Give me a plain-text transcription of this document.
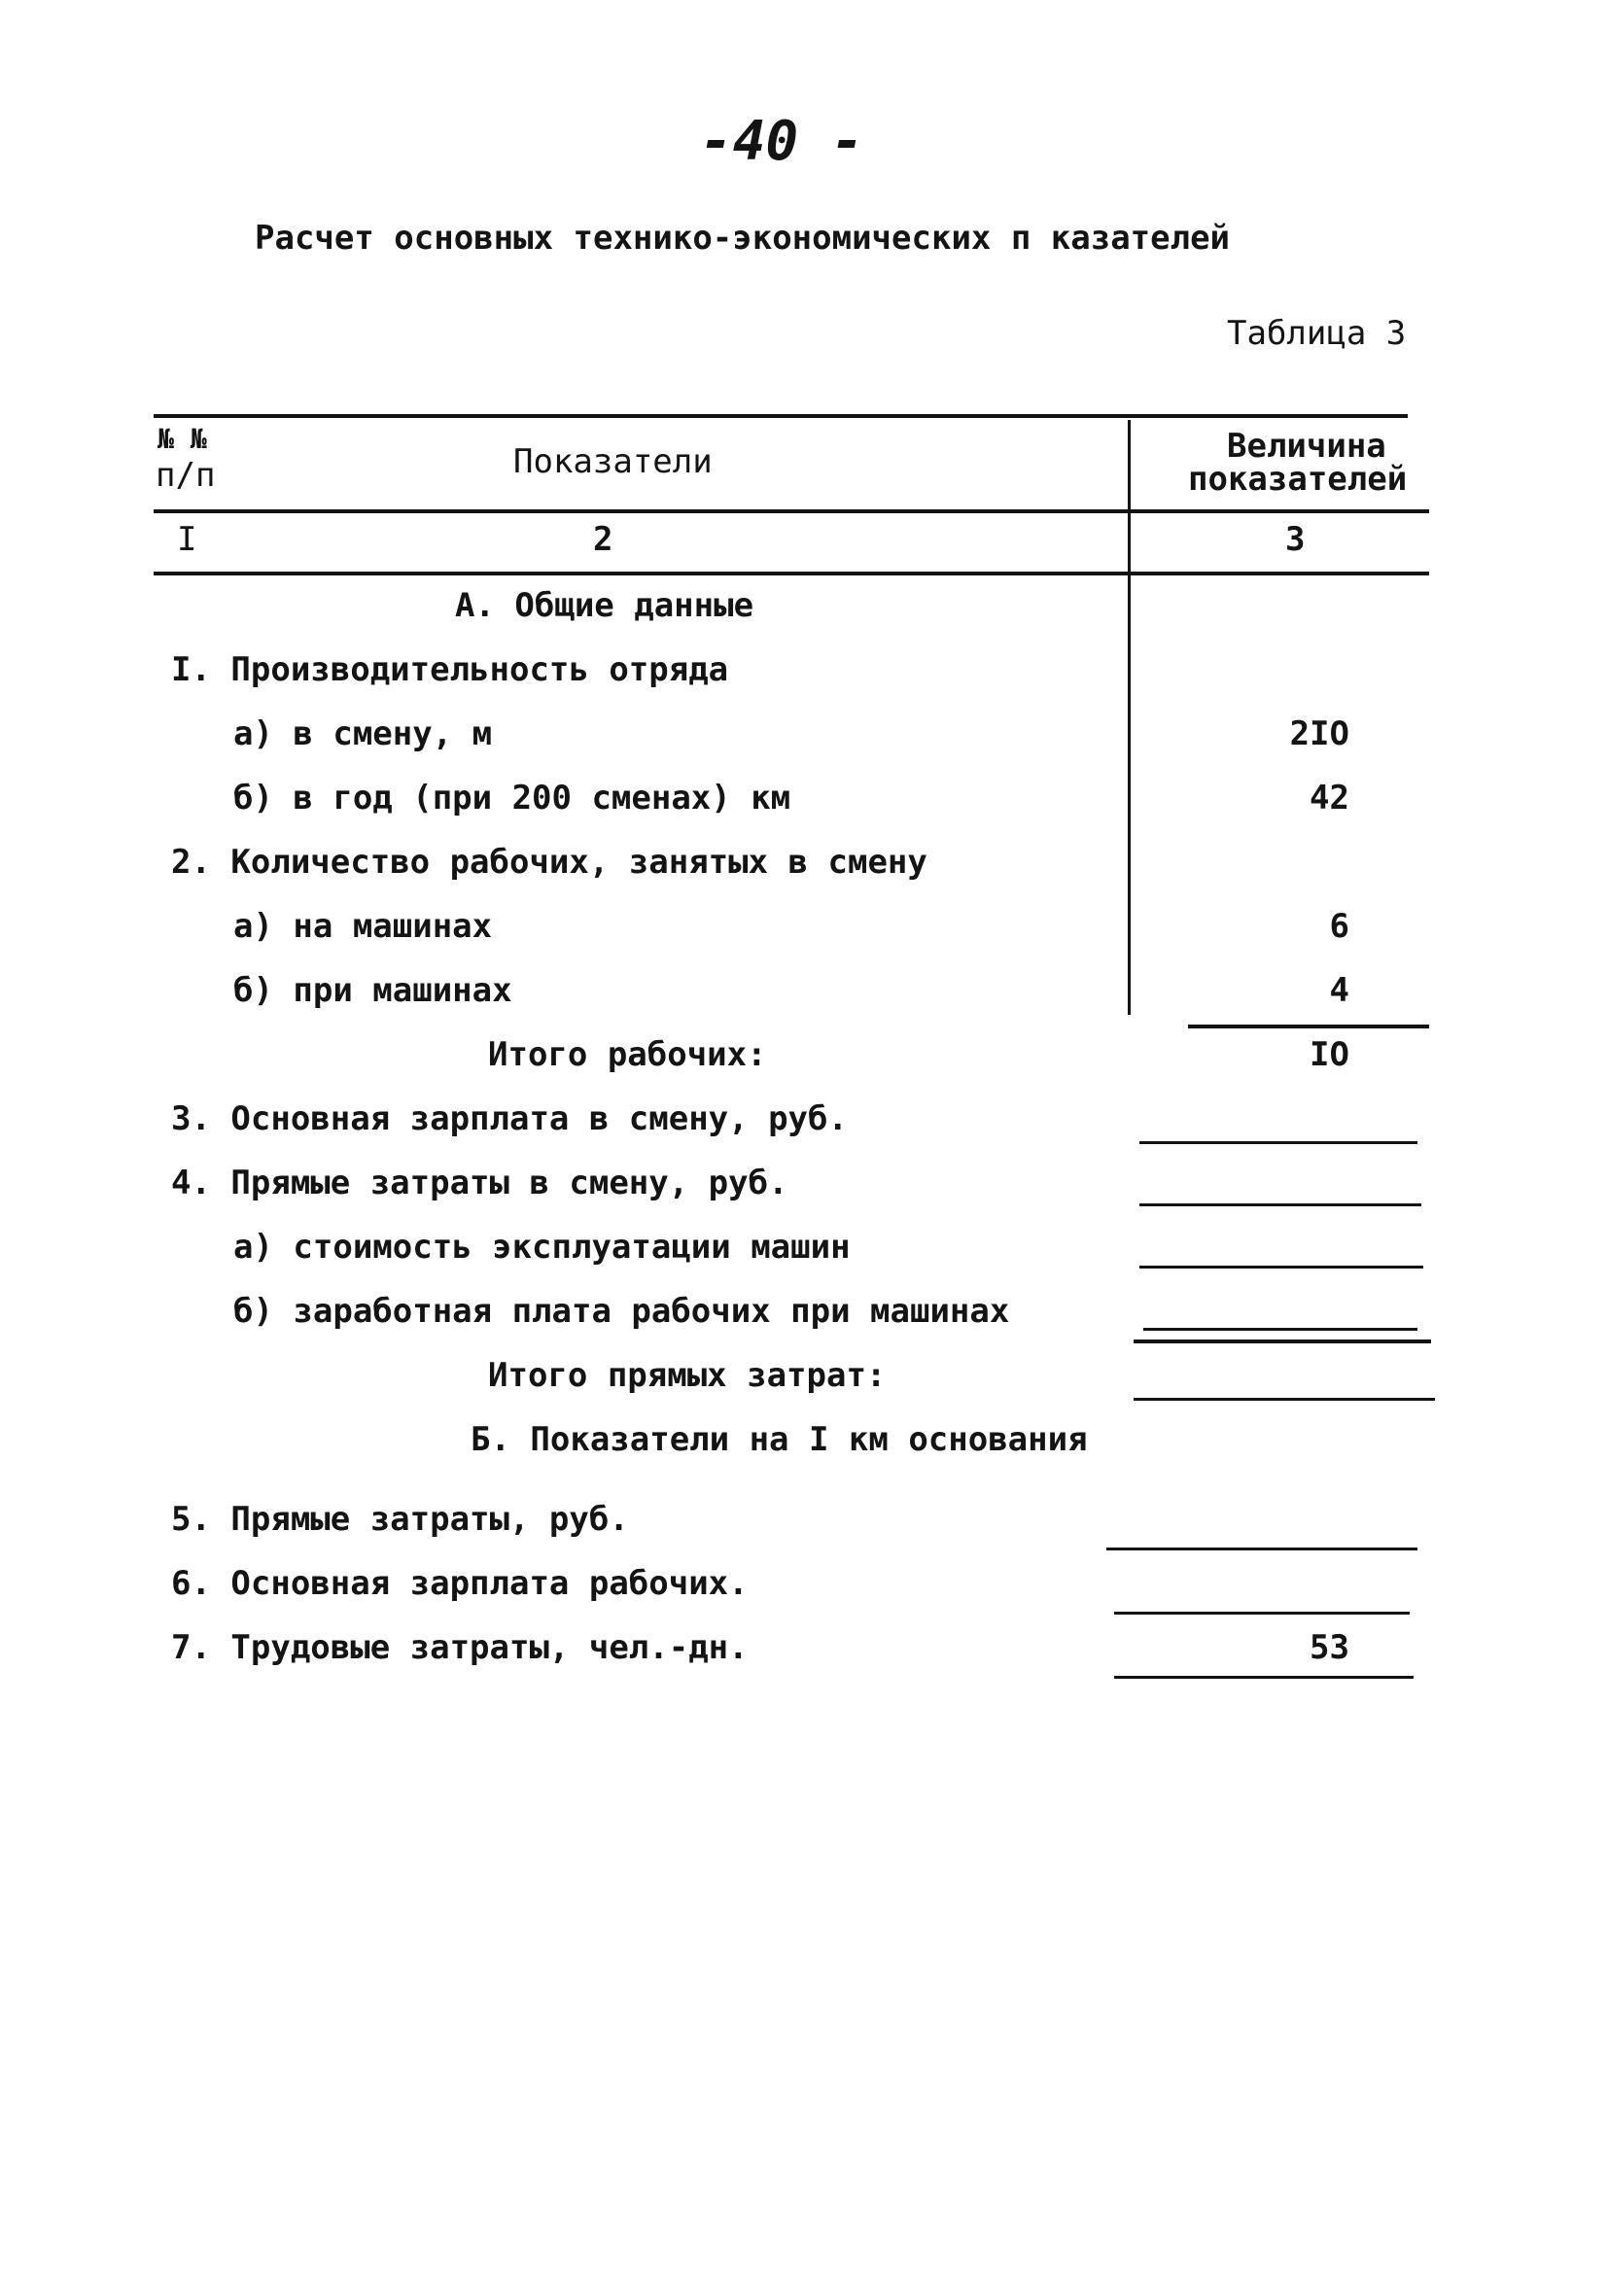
-40 -
Расчет основных технико-экономических п казателей
Таблица 3
№ №
п/п	Показатели	Величина
показателей
I	2	3
А. Общие данные
I. Производительность отряда
а) в смену, м	2IO
б) в год (при 200 сменах) км	42
2. Количество рабочих, занятых в смену
а) на машинах	6
б) при машинах	4
Итого рабочих:	IO
3. Основная зарплата в смену, руб.
4. Прямые затраты в смену, руб.
а) стоимость эксплуатации машин
б) заработная плата рабочих при машинах
Итого прямых затрат:
Б. Показатели на I км основания
5. Прямые затраты, руб.
6. Основная зарплата рабочих.
7. Трудовые затраты, чел.-дн.	53
